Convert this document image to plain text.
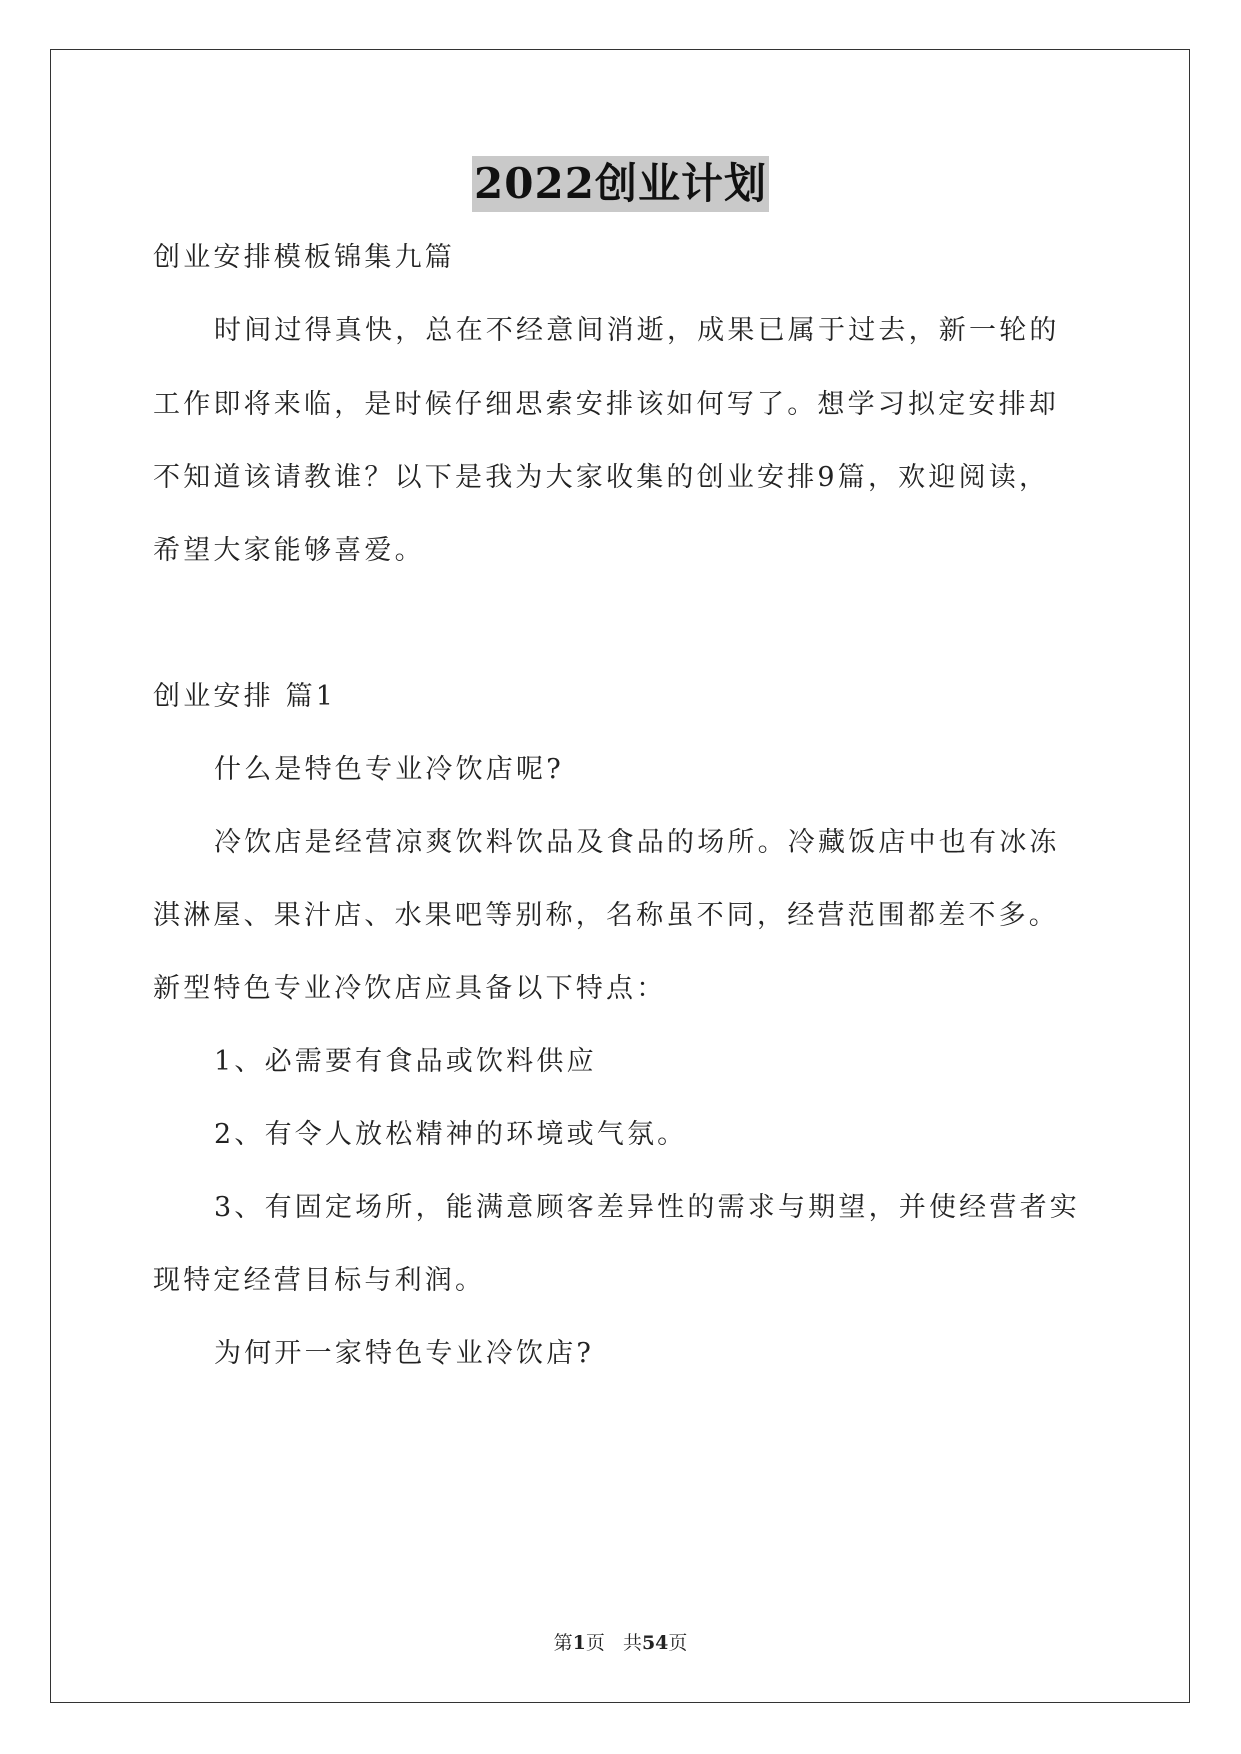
2022创业计划
创业安排模板锦集九篇
时间过得真快，总在不经意间消逝，成果已属于过去，新一轮的
工作即将来临，是时候仔细思索安排该如何写了。想学习拟定安排却
不知道该请教谁？以下是我为大家收集的创业安排9篇，欢迎阅读，
希望大家能够喜爱。
创业安排 篇1
什么是特色专业冷饮店呢?
冷饮店是经营凉爽饮料饮品及食品的场所。冷藏饭店中也有冰冻
淇淋屋、果汁店、水果吧等别称，名称虽不同，经营范围都差不多。
新型特色专业冷饮店应具备以下特点：
1、必需要有食品或饮料供应
2、有令人放松精神的环境或气氛。
3、有固定场所，能满意顾客差异性的需求与期望，并使经营者实
现特定经营目标与利润。
为何开一家特色专业冷饮店?
第1页   共54页
